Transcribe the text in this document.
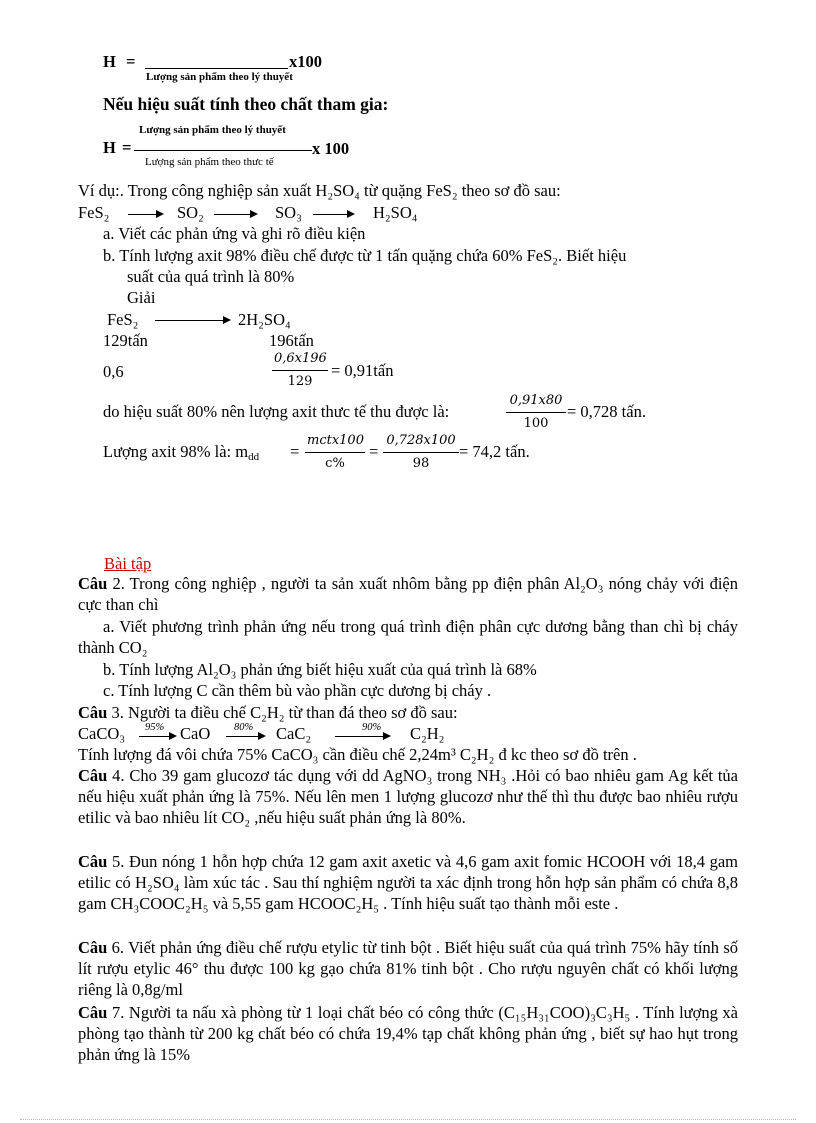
H =	x100
Lượng sản phẩm theo lý thuyết
Nếu hiệu suất tính theo chất tham gia:
Lượng sản phẩm theo lý thuyết
H =	x 100
Lượng sản phẩm theo thưc tế
Ví dụ:. Trong công nghiệp sản xuất H₂SO₄ từ quặng FeS₂ theo sơ đồ sau:
FeS₂	SO₂	SO₃	H₂SO₄
a. Viết các phản ứng và ghi rõ điều kiện
b. Tính lượng axit 98% điều chế được từ 1 tấn quặng chứa 60% FeS₂. Biết hiệu
suất của quá trình là 80%
Giải
FeS₂	2H₂SO₄
129tấn	196tấn
0,6	$\frac{0,6x196}{129}$ = 0,91tấn
do hiệu suất 80% nên lượng axit thưc tế thu được là:	$\frac{0,91x80}{100} = 0,728$ tấn.
Lượng axit 98% là: $m_{dd}$ =
mctx100
c%
= $\frac{0,728x100}{98} = 74,2$ tấn.
Bài tập
Câu 2. Trong công nghiệp , người ta sản xuất nhôm bằng pp điện phân Al₂O₃ nóng chảy với điện cực than chì
a. Viết phương trình phản ứng nếu trong quá trình điện phân cực dương bằng than chì bị cháy thành CO₂
b. Tính lượng Al₂O₃ phản ứng biết hiệu xuất của quá trình là 68%
c. Tính lượng C cần thêm bù vào phần cực dương bị cháy .
Câu 3. Người ta điều chế C₂H₂ từ than đá theo sơ đồ sau:
CaCO₃ 95% CaO 80% CaC₂	90% C₂H₂
Tính lượng đá vôi chứa 75% CaCO₃ cần điều chế 2,24m³ C₂H₂ đ kc theo sơ đồ trên .
Câu 4. Cho 39 gam glucozơ tác dụng với dd AgNO₃ trong NH₃ .Hỏi có bao nhiêu gam Ag kết tủa nếu hiệu xuất phản ứng là 75%. Nếu lên men 1 lượng glucozơ như thế thì thu được bao nhiêu rượu etilic và bao nhiêu lít CO₂ ,nếu hiệu suất phản ứng là 80%.
Câu 5. Đun nóng 1 hỗn hợp chứa 12 gam axit axetic và 4,6 gam axit fomic HCOOH với 18,4 gam etilic có H₂SO₄ làm xúc tác . Sau thí nghiệm người ta xác định trong hỗn hợp sản phẩm có chứa 8,8 gam CH₃COOC₂H₅ và 5,55 gam HCOOC₂H₅ . Tính hiệu suất tạo thành mỗi este .
Câu 6. Viết phản ứng điều chế rượu etylic từ tinh bột . Biết hiệu suất của quá trình 75% hãy tính số lít rượu etylic 46° thu được 100 kg gạo chứa 81% tinh bột . Cho rượu nguyên chất có khối lượng riêng là 0,8g/ml
Câu 7. Người ta nấu xà phòng từ 1 loại chất béo có công thức (C₁₅H₃₁COO)₃C₃H₅ . Tính lượng xà phòng tạo thành từ 200 kg chất béo có chứa 19,4% tạp chất không phản ứng , biết sự hao hụt trong phản ứng là 15%
